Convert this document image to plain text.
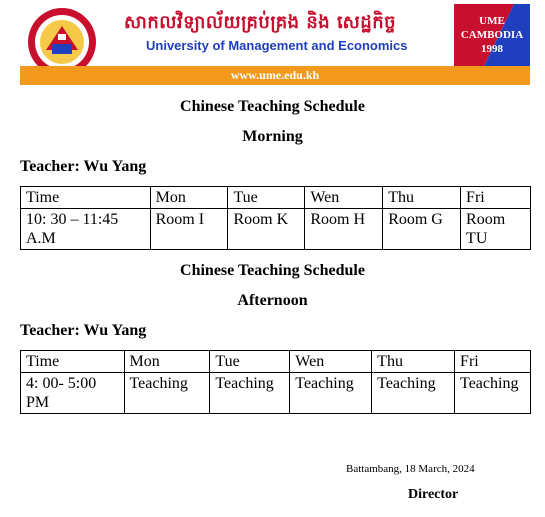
សាកលវិទ្យាល័យគ្រប់គ្រង និង សេដ្ឋកិច្ច
University of Management and Economics
UME
CAMBODIA
1998
www.ume.edu.kh
Chinese Teaching Schedule
Morning
Teacher: Wu Yang
Time	Mon	Tue	Wen	Thu	Fri
10: 30 – 11:45 A.M	Room I	Room K	Room H	Room G	Room TU
Chinese Teaching Schedule
Afternoon
Teacher: Wu Yang
Time	Mon	Tue	Wen	Thu	Fri
4: 00- 5:00 PM	Teaching	Teaching	Teaching	Teaching	Teaching
Battambang, 18 March, 2024
Director
